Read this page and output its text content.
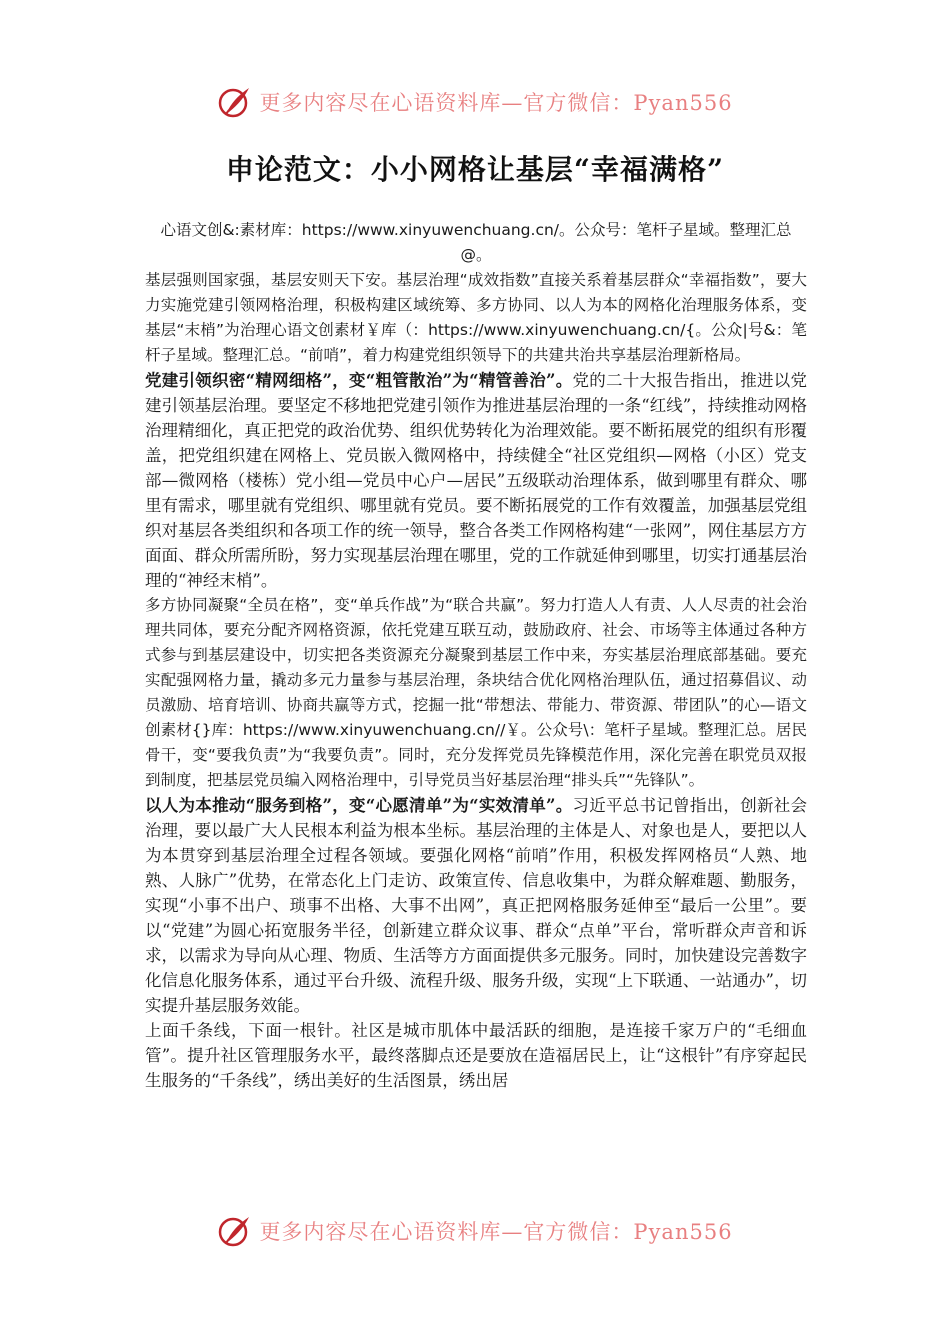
更多内容尽在心语资料库—官方微信：Pyan556
申论范文：小小网格让基层“幸福满格”

心语文创&:素材库：https://www.xinyuwenchuang.cn/。公众号：笔杆子星域。整理汇总@。

基层强则国家强，基层安则天下安。基层治理“成效指数”直接关系着基层群众“幸福指数”，要大力实施党建引领网格治理，积极构建区域统筹、多方协同、以人为本的网格化治理服务体系，变基层“末梢”为治理心语文创素材￥库（：https://www.xinyuwenchuang.cn/{。公众|号&：笔杆子星域。整理汇总。“前哨”，着力构建党组织领导下的共建共治共享基层治理新格局。

党建引领织密“精网细格”，变“粗管散治”为“精管善治”。党的二十大报告指出，推进以党建引领基层治理。要坚定不移地把党建引领作为推进基层治理的一条“红线”，持续推动网格治理精细化，真正把党的政治优势、组织优势转化为治理效能。要不断拓展党的组织有形覆盖，把党组织建在网格上、党员嵌入微网格中，持续健全“社区党组织—网格（小区）党支部—微网格（楼栋）党小组—党员中心户—居民”五级联动治理体系，做到哪里有群众、哪里有需求，哪里就有党组织、哪里就有党员。要不断拓展党的工作有效覆盖，加强基层党组织对基层各类组织和各项工作的统一领导，整合各类工作网格构建“一张网”，网住基层方方面面、群众所需所盼，努力实现基层治理在哪里，党的工作就延伸到哪里，切实打通基层治理的“神经末梢”。

多方协同凝聚“全员在格”，变“单兵作战”为“联合共赢”。努力打造人人有责、人人尽责的社会治理共同体，要充分配齐网格资源，依托党建互联互动，鼓励政府、社会、市场等主体通过各种方式参与到基层建设中，切实把各类资源充分凝聚到基层工作中来，夯实基层治理底部基础。要充实配强网格力量，撬动多元力量参与基层治理，条块结合优化网格治理队伍，通过招募倡议、动员激励、培育培训、协商共赢等方式，挖掘一批“带想法、带能力、带资源、带团队”的心—语文创素材{}库：https://www.xinyuwenchuang.cn//￥。公众号\：笔杆子星域。整理汇总。居民骨干，变“要我负责”为“我要负责”。同时，充分发挥党员先锋模范作用，深化完善在职党员双报到制度，把基层党员编入网格治理中，引导党员当好基层治理“排头兵”“先锋队”。

以人为本推动“服务到格”，变“心愿清单”为“实效清单”。习近平总书记曾指出，创新社会治理，要以最广大人民根本利益为根本坐标。基层治理的主体是人、对象也是人，要把以人为本贯穿到基层治理全过程各领域。要强化网格“前哨”作用，积极发挥网格员“人熟、地熟、人脉广”优势，在常态化上门走访、政策宣传、信息收集中，为群众解难题、勤服务，实现“小事不出户、琐事不出格、大事不出网”，真正把网格服务延伸至“最后一公里”。要以“党建”为圆心拓宽服务半径，创新建立群众议事、群众“点单”平台，常听群众声音和诉求，以需求为导向从心理、物质、生活等方方面面提供多元服务。同时，加快建设完善数字化信息化服务体系，通过平台升级、流程升级、服务升级，实现“上下联通、一站通办”，切实提升基层服务效能。

上面千条线，下面一根针。社区是城市肌体中最活跃的细胞，是连接千家万户的“毛细血管”。提升社区管理服务水平，最终落脚点还是要放在造福居民上，让“这根针”有序穿起民生服务的“千条线”，绣出美好的生活图景，绣出居

更多内容尽在心语资料库—官方微信：Pyan556
